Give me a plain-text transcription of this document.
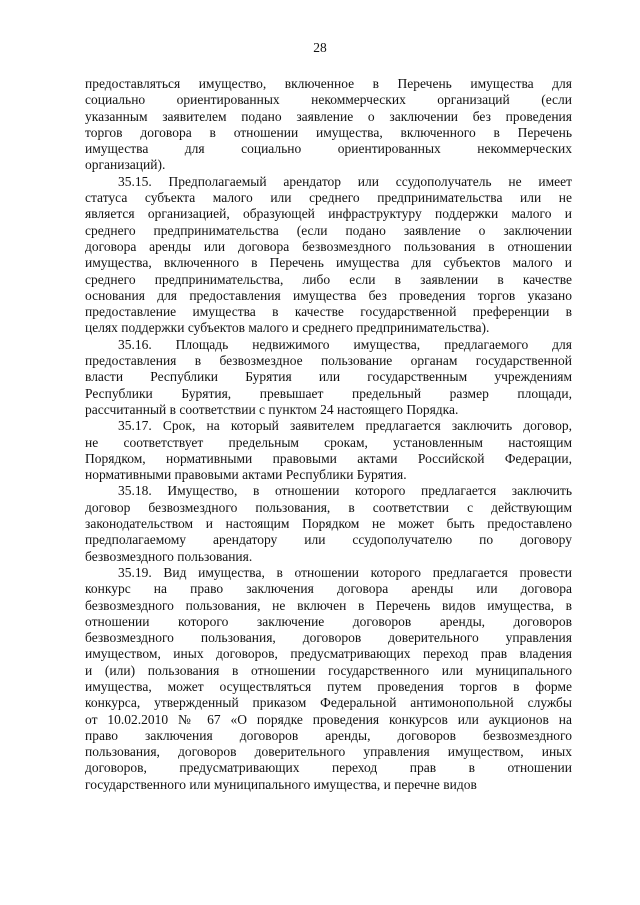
28
предоставляться имущество, включенное в Перечень имущества для
социально ориентированных некоммерческих организаций (если
указанным заявителем подано заявление о заключении без проведения
торгов договора в отношении имущества, включенного в Перечень
имущества для социально ориентированных некоммерческих
организаций).
35.15. Предполагаемый арендатор или ссудополучатель не имеет
статуса субъекта малого или среднего предпринимательства или не
является организацией, образующей инфраструктуру поддержки малого и
среднего предпринимательства (если подано заявление о заключении
договора аренды или договора безвозмездного пользования в отношении
имущества, включенного в Перечень имущества для субъектов малого и
среднего предпринимательства, либо если в заявлении в качестве
основания для предоставления имущества без проведения торгов указано
предоставление имущества в качестве государственной преференции в
целях поддержки субъектов малого и среднего предпринимательства).
35.16. Площадь недвижимого имущества, предлагаемого для
предоставления в безвозмездное пользование органам государственной
власти Республики Бурятия или государственным учреждениям
Республики Бурятия, превышает предельный размер площади,
рассчитанный в соответствии с пунктом 24 настоящего Порядка.
35.17. Срок, на который заявителем предлагается заключить договор,
не соответствует предельным срокам, установленным настоящим
Порядком, нормативными правовыми актами Российской Федерации,
нормативными правовыми актами Республики Бурятия.
35.18. Имущество, в отношении которого предлагается заключить
договор безвозмездного пользования, в соответствии с действующим
законодательством и настоящим Порядком не может быть предоставлено
предполагаемому арендатору или ссудополучателю по договору
безвозмездного пользования.
35.19. Вид имущества, в отношении которого предлагается провести
конкурс на право заключения договора аренды или договора
безвозмездного пользования, не включен в Перечень видов имущества, в
отношении которого заключение договоров аренды, договоров
безвозмездного пользования, договоров доверительного управления
имуществом, иных договоров, предусматривающих переход прав владения
и (или) пользования в отношении государственного или муниципального
имущества, может осуществляться путем проведения торгов в форме
конкурса, утвержденный приказом Федеральной антимонопольной службы
от 10.02.2010 № 67 «О порядке проведения конкурсов или аукционов на
право заключения договоров аренды, договоров безвозмездного
пользования, договоров доверительного управления имуществом, иных
договоров, предусматривающих переход прав в отношении
государственного или муниципального имущества, и перечне видов
